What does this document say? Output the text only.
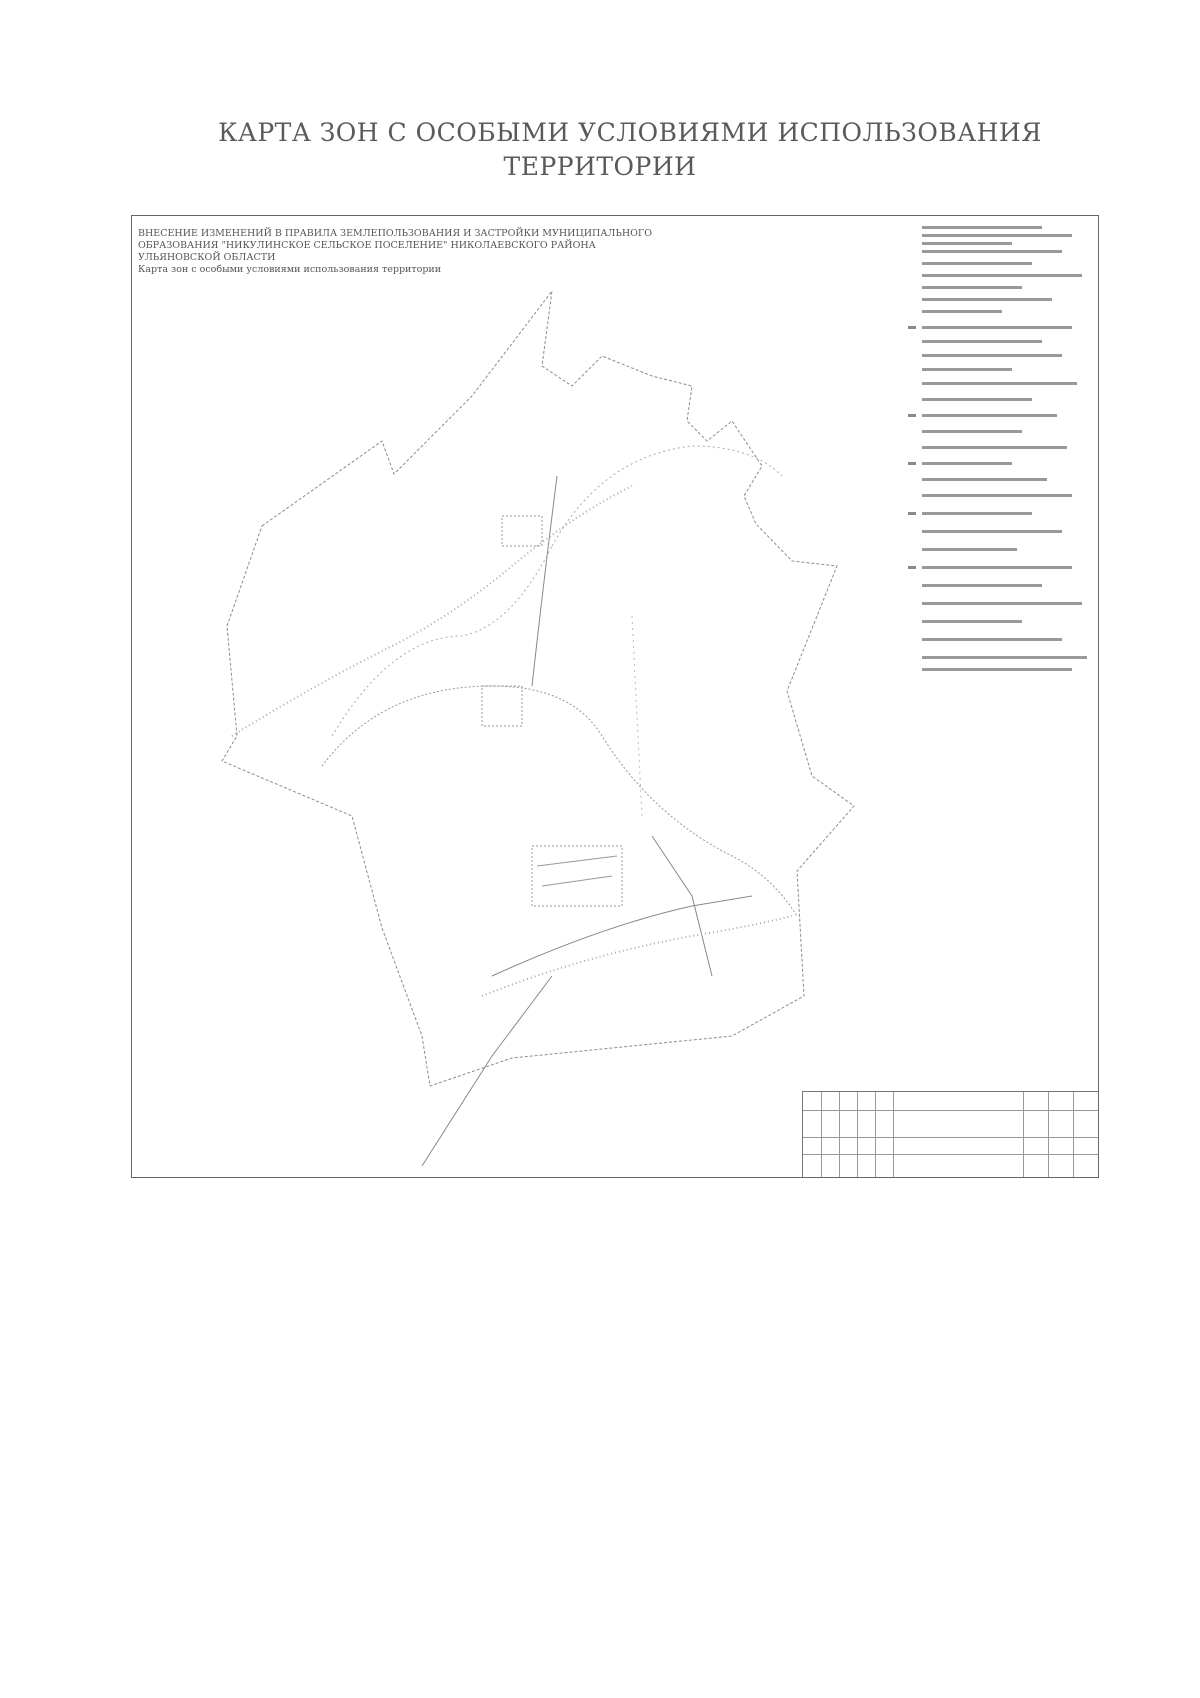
КАРТА ЗОН С ОСОБЫМИ УСЛОВИЯМИ ИСПОЛЬЗОВАНИЯ
ТЕРРИТОРИИ
ВНЕСЕНИЕ ИЗМЕНЕНИЙ В ПРАВИЛА ЗЕМЛЕПОЛЬЗОВАНИЯ И ЗАСТРОЙКИ МУНИЦИПАЛЬНОГО
ОБРАЗОВАНИЯ "НИКУЛИНСКОЕ СЕЛЬСКОЕ ПОСЕЛЕНИЕ" НИКОЛАЕВСКОГО РАЙОНА
УЛЬЯНОВСКОЙ ОБЛАСТИ
Карта зон с особыми условиями использования территории
